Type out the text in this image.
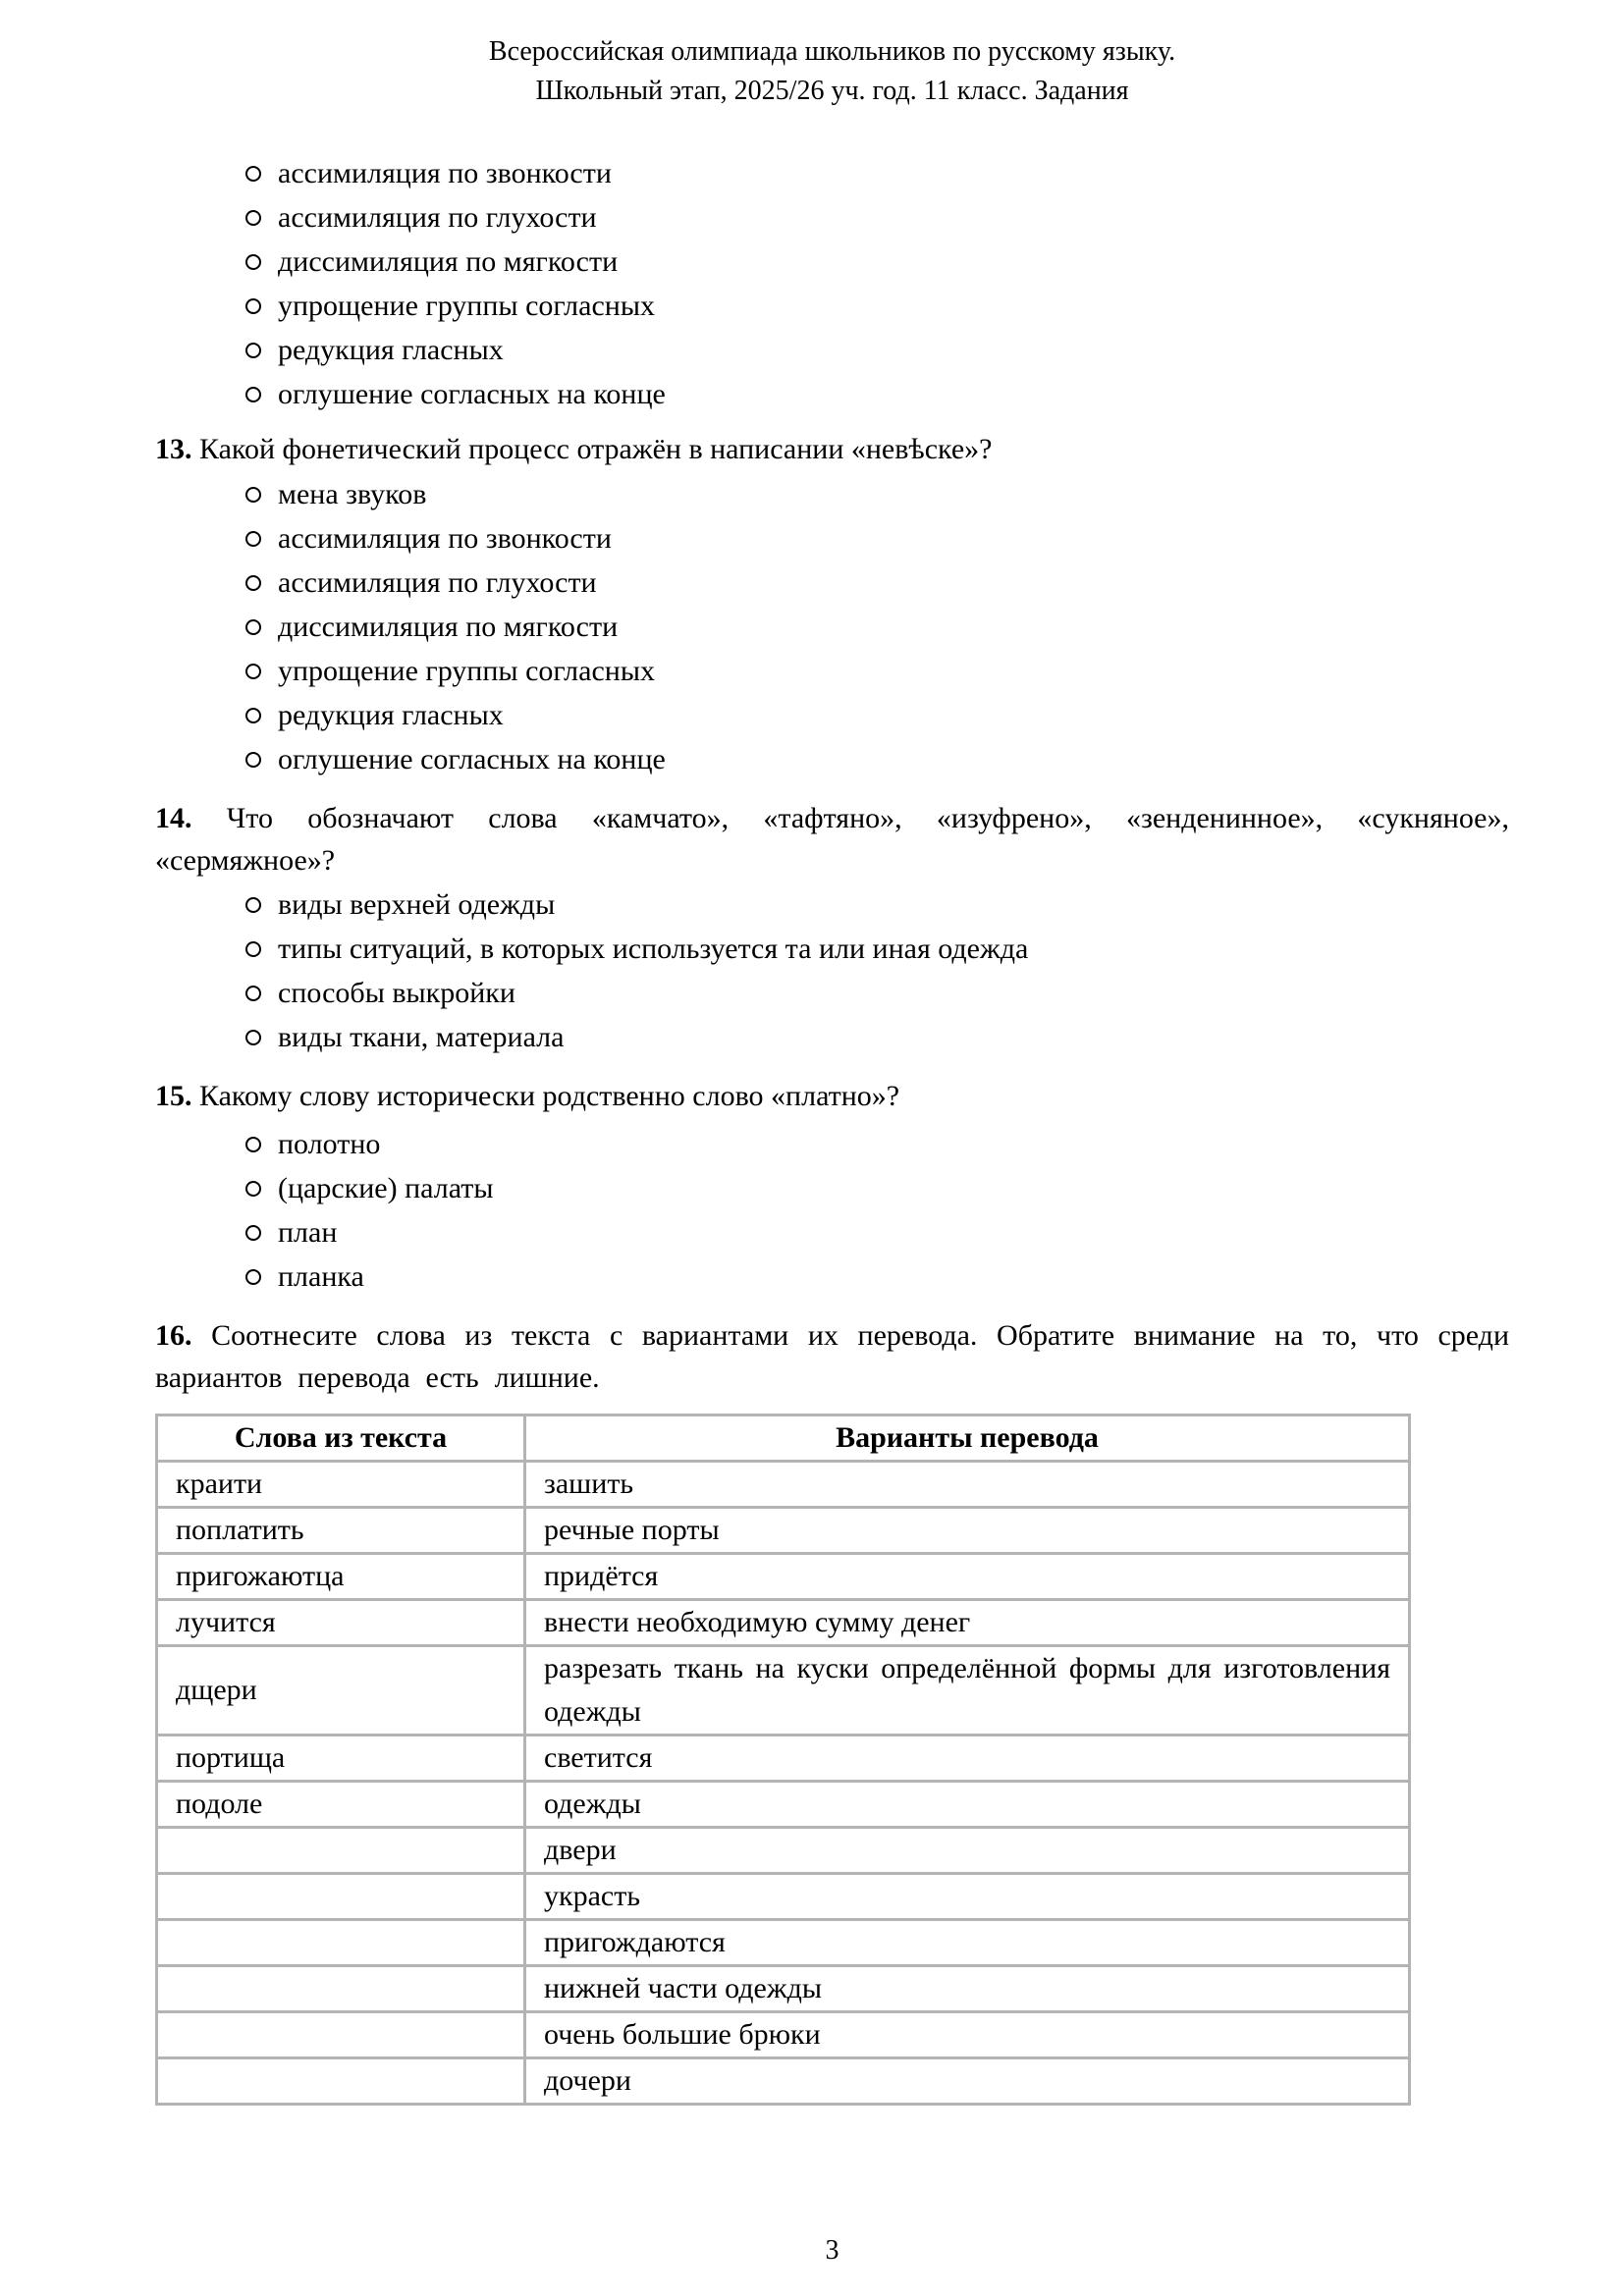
Всероссийская олимпиада школьников по русскому языку.
Школьный этап, 2025/26 уч. год. 11 класс. Задания
ассимиляция по звонкости
ассимиляция по глухости
диссимиляция по мягкости
упрощение группы согласных
редукция гласных
оглушение согласных на конце

13. Какой фонетический процесс отражён в написании «невѣске»?

мена звуков
ассимиляция по звонкости
ассимиляция по глухости
диссимиляция по мягкости
упрощение группы согласных
редукция гласных
оглушение согласных на конце

14. Что обозначают слова «камчато», «тафтяно», «изуфрено», «зенденинное», «сукняное», «сермяжное»?

виды верхней одежды
типы ситуаций, в которых используется та или иная одежда
способы выкройки
виды ткани, материала

15. Какому слову исторически родственно слово «платно»?

полотно
(царские) палаты
план
планка

16. Соотнесите слова из текста с вариантами их перевода. Обратите внимание на то, что среди вариантов перевода есть лишние.

Слова из текста	Варианты перевода
краити	зашить
поплатить	речные порты
пригожаютца	придётся
лучится	внести необходимую сумму денег
дщери	разрезать ткань на куски определённой формы для изготовления одежды
портища	светится
подоле	одежды
	двери
	украсть
	пригождаются
	нижней части одежды
	очень большие брюки
	дочери
3
